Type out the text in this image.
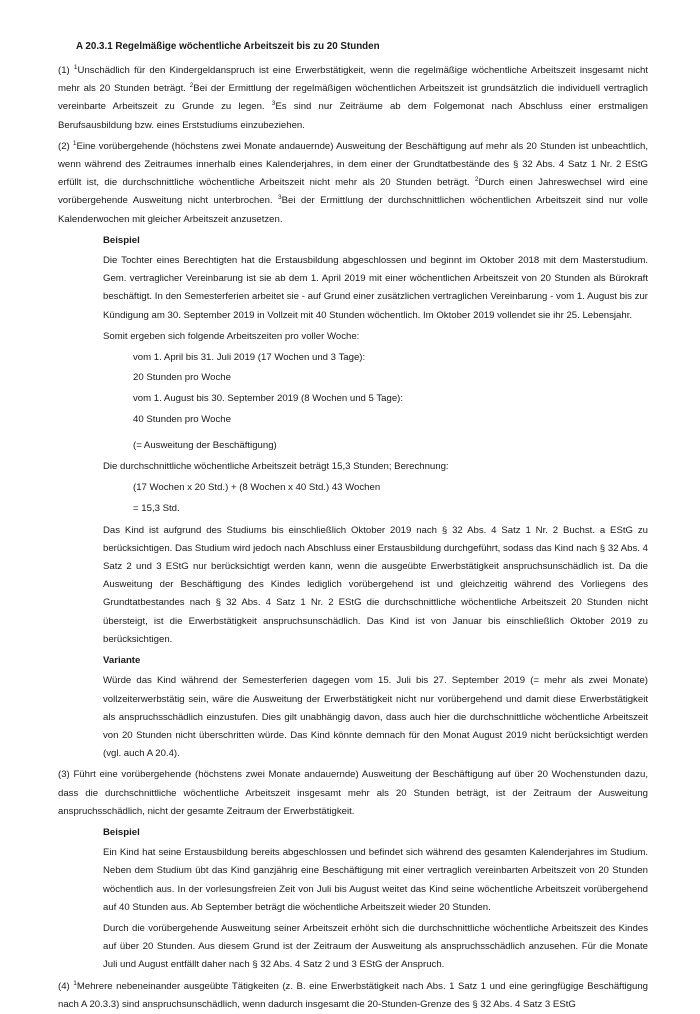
A 20.3.1 Regelmäßige wöchentliche Arbeitszeit bis zu 20 Stunden

(1) $^1$Unschädlich für den Kindergeldanspruch ist eine Erwerbstätigkeit, wenn die regelmäßige wöchentliche Arbeitszeit insgesamt nicht mehr als 20 Stunden beträgt. $^2$Bei der Ermittlung der regelmäßigen wöchentlichen Arbeitszeit ist grundsätzlich die individuell vertraglich vereinbarte Arbeitszeit zu Grunde zu legen. $^3$Es sind nur Zeiträume ab dem Folgemonat nach Abschluss einer erstmaligen Berufsausbildung bzw. eines Erststudiums einzubeziehen.

(2) $^1$Eine vorübergehende (höchstens zwei Monate andauernde) Ausweitung der Beschäftigung auf mehr als 20 Stunden ist unbeachtlich, wenn während des Zeitraumes innerhalb eines Kalenderjahres, in dem einer der Grundtatbestände des § 32 Abs. 4 Satz 1 Nr. 2 EStG erfüllt ist, die durchschnittliche wöchentliche Arbeitszeit nicht mehr als 20 Stunden beträgt. $^2$Durch einen Jahreswechsel wird eine vorübergehende Ausweitung nicht unterbrochen. $^3$Bei der Ermittlung der durchschnittlichen wöchentlichen Arbeitszeit sind nur volle Kalenderwochen mit gleicher Arbeitszeit anzusetzen.

Beispiel

Die Tochter eines Berechtigten hat die Erstausbildung abgeschlossen und beginnt im Oktober 2018 mit dem Masterstudium. Gem. vertraglicher Vereinbarung ist sie ab dem 1. April 2019 mit einer wöchentlichen Arbeitszeit von 20 Stunden als Bürokraft beschäftigt. In den Semesterferien arbeitet sie - auf Grund einer zusätzlichen vertraglichen Vereinbarung - vom 1. August bis zur Kündigung am 30. September 2019 in Vollzeit mit 40 Stunden wöchentlich. Im Oktober 2019 vollendet sie ihr 25. Lebensjahr.

Somit ergeben sich folgende Arbeitszeiten pro voller Woche:

vom 1. April bis 31. Juli 2019 (17 Wochen und 3 Tage):

20 Stunden pro Woche

vom 1. August bis 30. September 2019 (8 Wochen und 5 Tage):

40 Stunden pro Woche

(= Ausweitung der Beschäftigung)

Die durchschnittliche wöchentliche Arbeitszeit beträgt 15,3 Stunden; Berechnung:

(17 Wochen x 20 Std.) + (8 Wochen x 40 Std.) 43 Wochen

= 15,3 Std.

Das Kind ist aufgrund des Studiums bis einschließlich Oktober 2019 nach § 32 Abs. 4 Satz 1 Nr. 2 Buchst. a EStG zu berücksichtigen. Das Studium wird jedoch nach Abschluss einer Erstausbildung durchgeführt, sodass das Kind nach § 32 Abs. 4 Satz 2 und 3 EStG nur berücksichtigt werden kann, wenn die ausgeübte Erwerbstätigkeit anspruchsunschädlich ist. Da die Ausweitung der Beschäftigung des Kindes lediglich vorübergehend ist und gleichzeitig während des Vorliegens des Grundtatbestandes nach § 32 Abs. 4 Satz 1 Nr. 2 EStG die durchschnittliche wöchentliche Arbeitszeit 20 Stunden nicht übersteigt, ist die Erwerbstätigkeit anspruchsunschädlich. Das Kind ist von Januar bis einschließlich Oktober 2019 zu berücksichtigen.

Variante

Würde das Kind während der Semesterferien dagegen vom 15. Juli bis 27. September 2019 (= mehr als zwei Monate) vollzeiterwerbstätig sein, wäre die Ausweitung der Erwerbstätigkeit nicht nur vorübergehend und damit diese Erwerbstätigkeit als anspruchsschädlich einzustufen. Dies gilt unabhängig davon, dass auch hier die durchschnittliche wöchentliche Arbeitszeit von 20 Stunden nicht überschritten würde. Das Kind könnte demnach für den Monat August 2019 nicht berücksichtigt werden (vgl. auch A 20.4).

(3) Führt eine vorübergehende (höchstens zwei Monate andauernde) Ausweitung der Beschäftigung auf über 20 Wochenstunden dazu, dass die durchschnittliche wöchentliche Arbeitszeit insgesamt mehr als 20 Stunden beträgt, ist der Zeitraum der Ausweitung anspruchsschädlich, nicht der gesamte Zeitraum der Erwerbstätigkeit.

Beispiel

Ein Kind hat seine Erstausbildung bereits abgeschlossen und befindet sich während des gesamten Kalenderjahres im Studium. Neben dem Studium übt das Kind ganzjährig eine Beschäftigung mit einer vertraglich vereinbarten Arbeitszeit von 20 Stunden wöchentlich aus. In der vorlesungsfreien Zeit von Juli bis August weitet das Kind seine wöchentliche Arbeitszeit vorübergehend auf 40 Stunden aus. Ab September beträgt die wöchentliche Arbeitszeit wieder 20 Stunden.

Durch die vorübergehende Ausweitung seiner Arbeitszeit erhöht sich die durchschnittliche wöchentliche Arbeitszeit des Kindes auf über 20 Stunden. Aus diesem Grund ist der Zeitraum der Ausweitung als anspruchsschädlich anzusehen. Für die Monate Juli und August entfällt daher nach § 32 Abs. 4 Satz 2 und 3 EStG der Anspruch.

(4) $^1$Mehrere nebeneinander ausgeübte Tätigkeiten (z. B. eine Erwerbstätigkeit nach Abs. 1 Satz 1 und eine geringfügige Beschäftigung nach A 20.3.3) sind anspruchsunschädlich, wenn dadurch insgesamt die 20-Stunden-Grenze des § 32 Abs. 4 Satz 3 EStG
